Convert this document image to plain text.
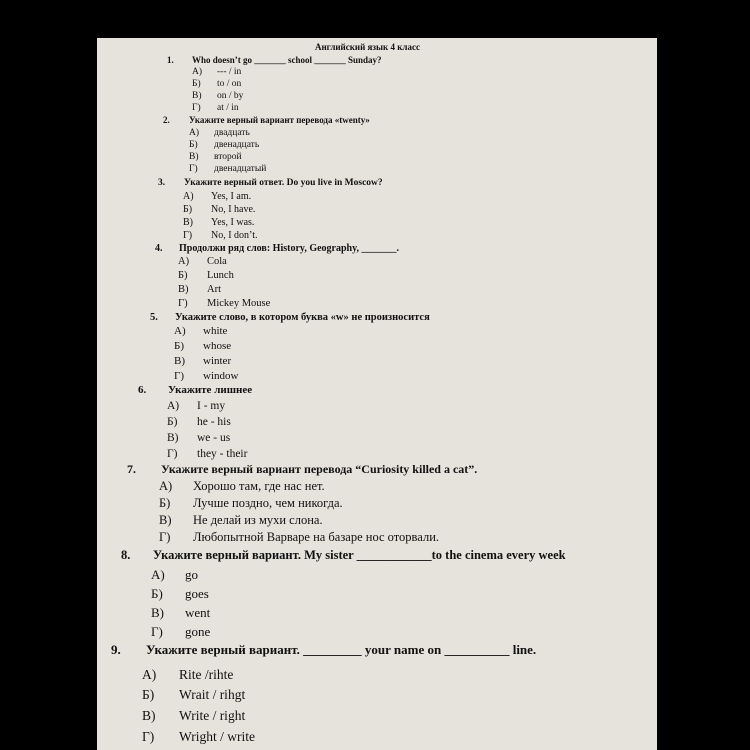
Английский язык 4 класс
1. Who doesn’t go _______ school _______ Sunday?
А) --- / in
Б) to / on
В) on / by
Г) at / in
2. Укажите верный вариант перевода «twenty»
А) двадцать
Б) двенадцать
В) второй
Г) двенадцатый
3. Укажите верный ответ. Do you live in Moscow?
А) Yes, I am.
Б) No, I have.
В) Yes, I was.
Г) No, I don’t.
4. Продолжи ряд слов: History, Geography, _______.
А) Cola
Б) Lunch
В) Art
Г) Mickey Mouse
5. Укажите слово, в котором буква «w» не произносится
А) white
Б) whose
В) winter
Г) window
6. Укажите лишнее
А) I - my
Б) he - his
В) we - us
Г) they - their
7. Укажите верный вариант перевода “Curiosity killed a cat”.
А) Хорошо там, где нас нет.
Б) Лучше поздно, чем никогда.
В) Не делай из мухи слона.
Г) Любопытной Варваре на базаре нос оторвали.
8. Укажите верный вариант. My sister ____________to the cinema every week
А) go
Б) goes
В) went
Г) gone
9. Укажите верный вариант. _________ your name on __________ line.
А) Rite /rihte
Б) Wrait / rihgt
В) Write / right
Г) Wright / write
